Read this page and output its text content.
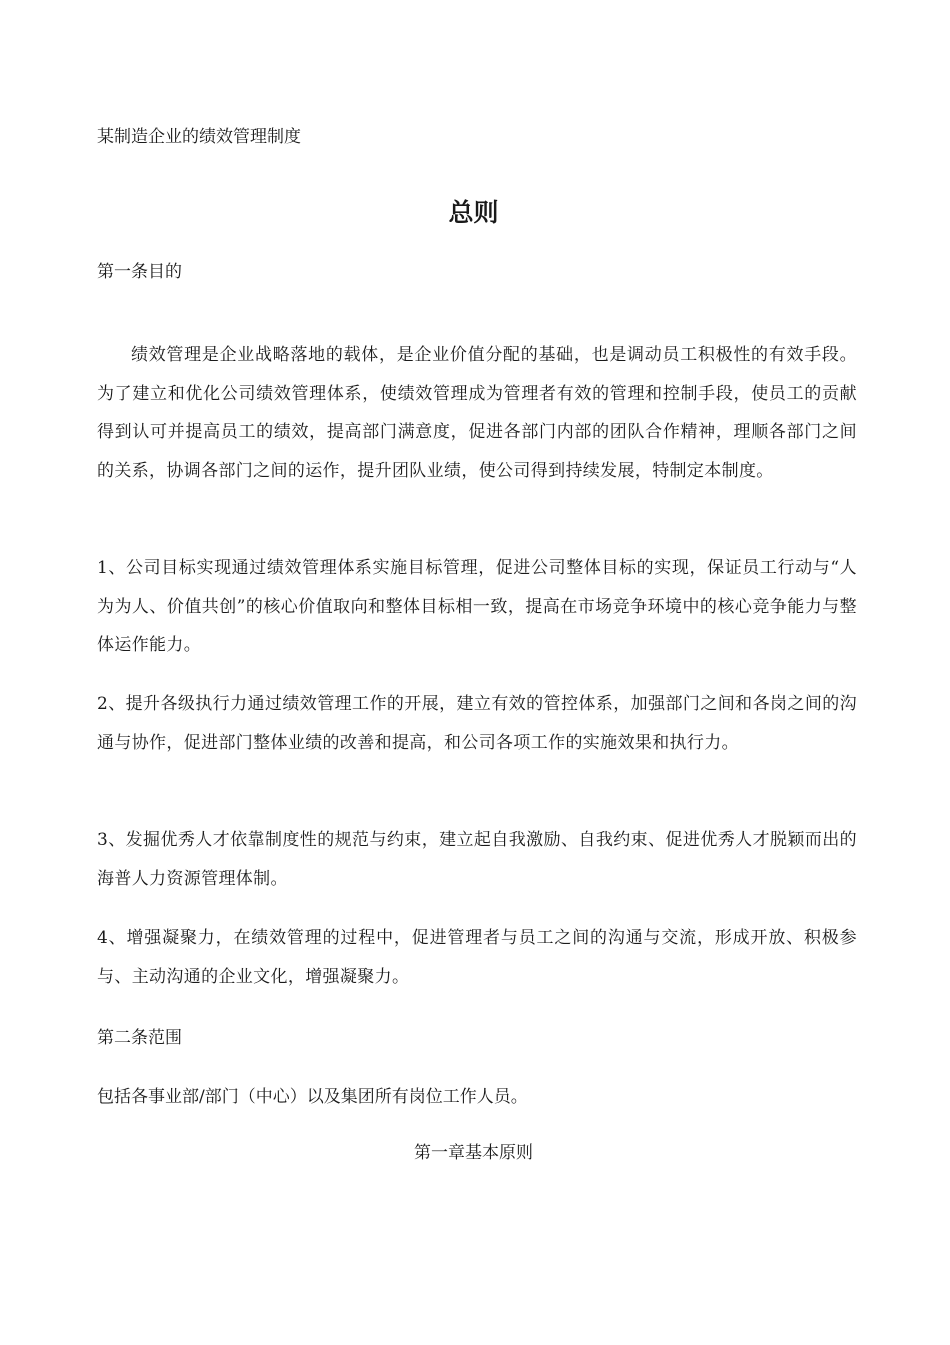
某制造企业的绩效管理制度
总则
第一条目的
绩效管理是企业战略落地的载体，是企业价值分配的基础，也是调动员工积极性的有效手段。为了建立和优化公司绩效管理体系，使绩效管理成为管理者有效的管理和控制手段，使员工的贡献得到认可并提高员工的绩效，提高部门满意度，促进各部门内部的团队合作精神，理顺各部门之间的关系，协调各部门之间的运作，提升团队业绩，使公司得到持续发展，特制定本制度。
1、公司目标实现通过绩效管理体系实施目标管理，促进公司整体目标的实现，保证员工行动与“人为为人、价值共创”的核心价值取向和整体目标相一致，提高在市场竞争环境中的核心竞争能力与整体运作能力。
2、提升各级执行力通过绩效管理工作的开展，建立有效的管控体系，加强部门之间和各岗之间的沟通与协作，促进部门整体业绩的改善和提高，和公司各项工作的实施效果和执行力。
3、发掘优秀人才依靠制度性的规范与约束，建立起自我激励、自我约束、促进优秀人才脱颖而出的海普人力资源管理体制。
4、增强凝聚力，在绩效管理的过程中，促进管理者与员工之间的沟通与交流，形成开放、积极参与、主动沟通的企业文化，增强凝聚力。
第二条范围
包括各事业部/部门（中心）以及集团所有岗位工作人员。
第一章基本原则
